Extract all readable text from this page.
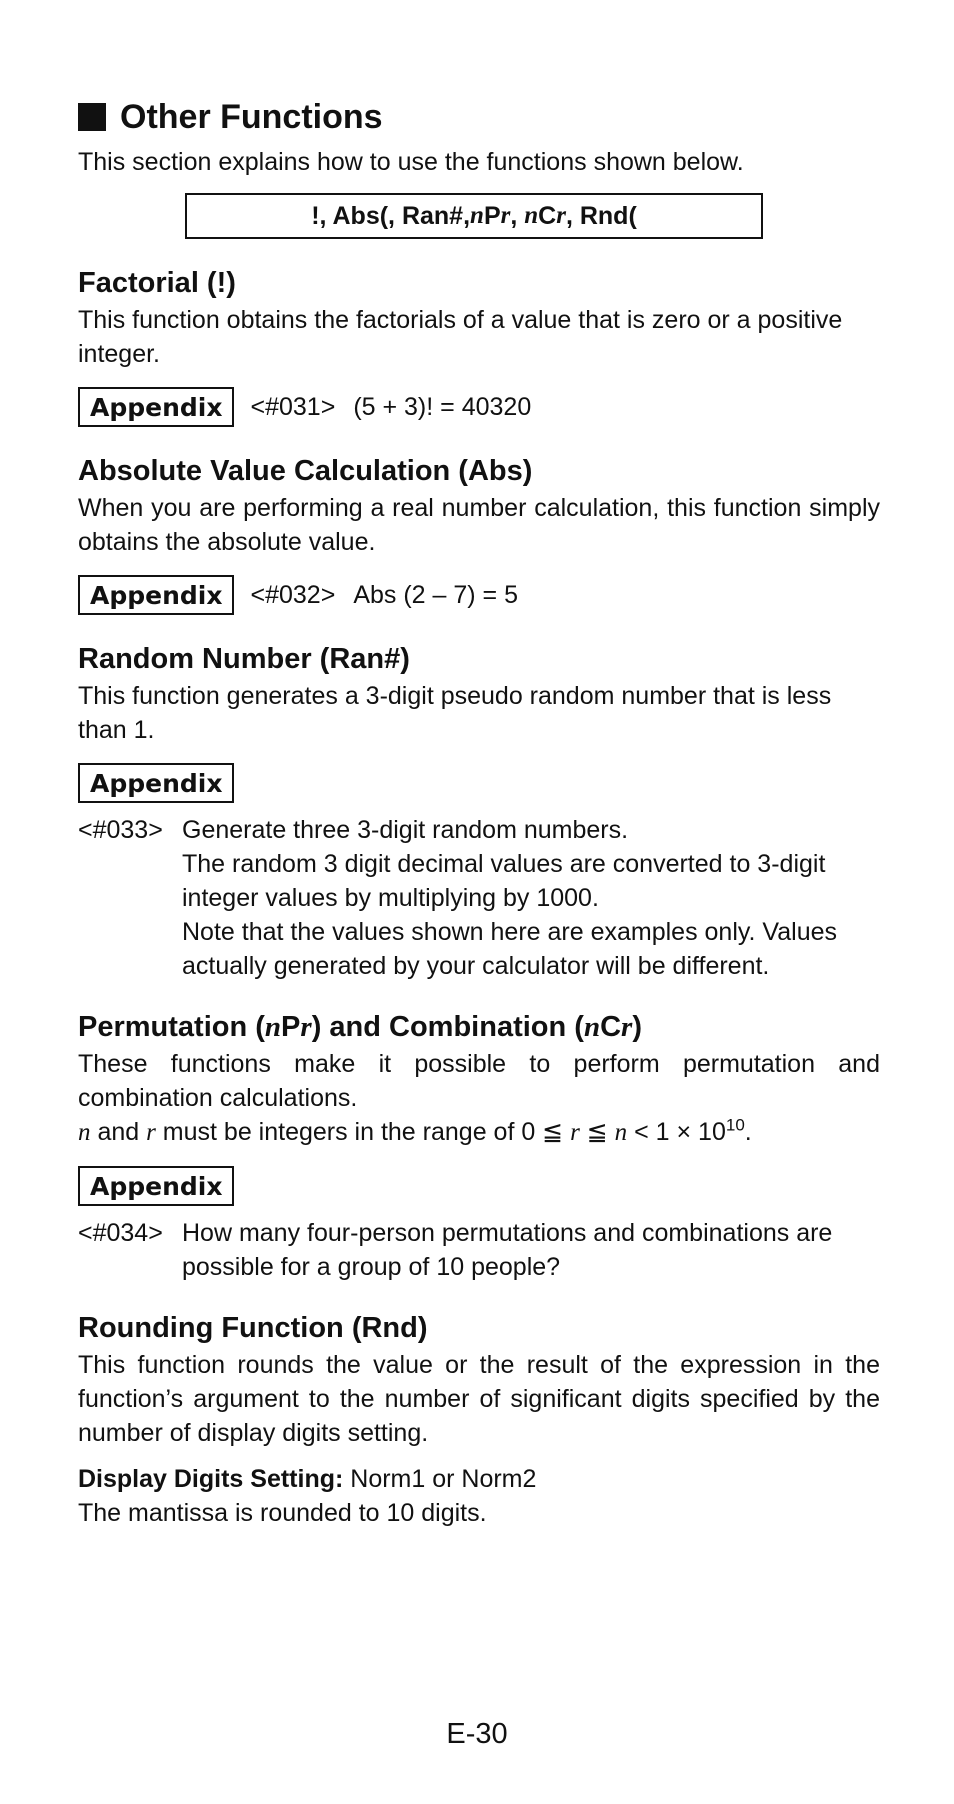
Other Functions

This section explains how to use the functions shown below.

!, Abs(, Ran#, n P r , n C r , Rnd(
Factorial (!)

This function obtains the factorials of a value that is zero or a positive integer.

Appendix	<#031> (5 + 3)! = 40320
Absolute Value Calculation (Abs)

When you are performing a real number calculation, this function simply obtains the absolute value.

Appendix	<#032> Abs (2 – 7) = 5
Random Number (Ran#)

This function generates a 3-digit pseudo random number that is less than 1.

Appendix
<#033> Generate three 3-digit random numbers.

The random 3 digit decimal values are converted to 3-digit integer values by multiplying by 1000.

Note that the values shown here are examples only. Values actually generated by your calculator will be different.

Permutation (nPr) and Combination (nCr)

These functions make it possible to perform permutation and combination calculations.

n and r must be integers in the range of 0 ≦ r ≦ $n < 1 \times 10^{10}$.

Appendix
<#034> How many four-person permutations and combinations are possible for a group of 10 people?

Rounding Function (Rnd)

This function rounds the value or the result of the expression in the function’s argument to the number of significant digits specified by the number of display digits setting.

Display Digits Setting: Norm1 or Norm2

The mantissa is rounded to 10 digits.

E-30
